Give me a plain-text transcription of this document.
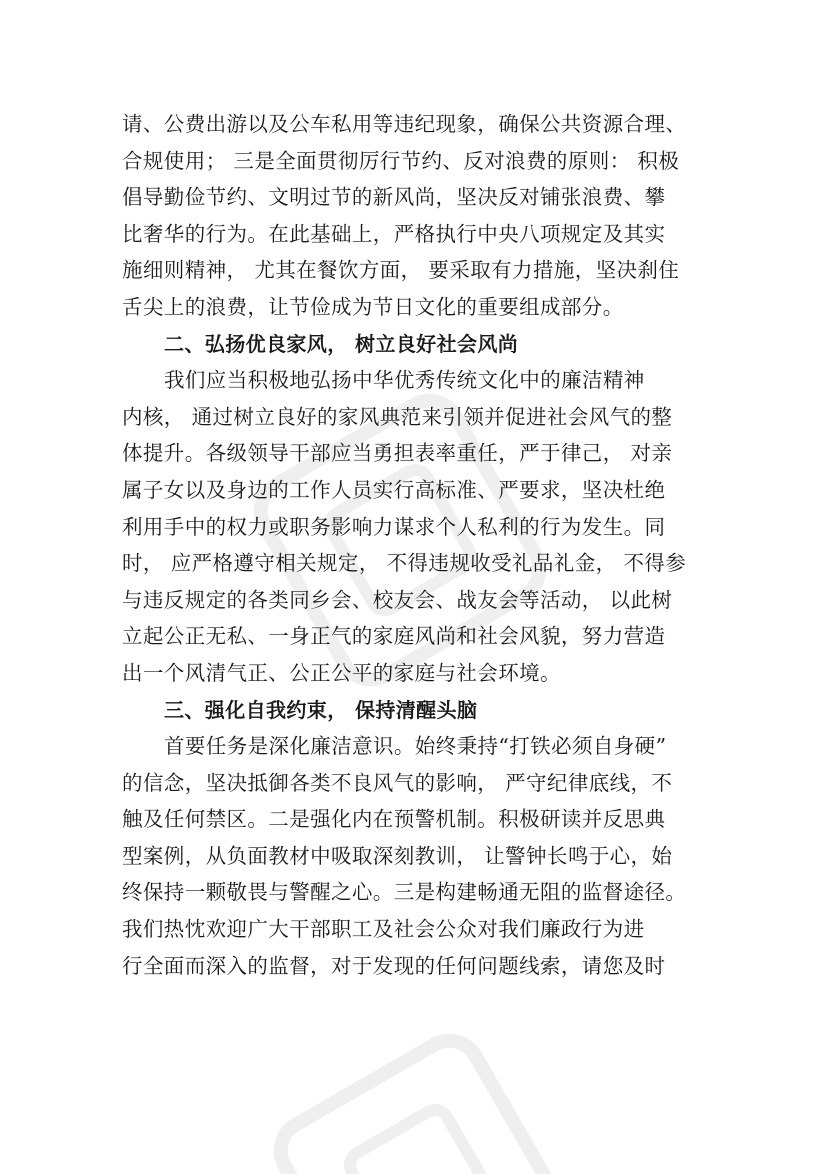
请、公费出游以及公车私用等违纪现象，确保公共资源合理、
合规使用； 三是全面贯彻厉行节约、反对浪费的原则： 积极
倡导勤俭节约、文明过节的新风尚，坚决反对铺张浪费、攀
比奢华的行为。在此基础上，严格执行中央八项规定及其实
施细则精神， 尤其在餐饮方面， 要采取有力措施，坚决刹住
舌尖上的浪费，让节俭成为节日文化的重要组成部分。
二、弘扬优良家风， 树立良好社会风尚
我们应当积极地弘扬中华优秀传统文化中的廉洁精神
内核， 通过树立良好的家风典范来引领并促进社会风气的整
体提升。各级领导干部应当勇担表率重任，严于律己， 对亲
属子女以及身边的工作人员实行高标准、严要求，坚决杜绝
利用手中的权力或职务影响力谋求个人私利的行为发生。同
时， 应严格遵守相关规定， 不得违规收受礼品礼金， 不得参
与违反规定的各类同乡会、校友会、战友会等活动， 以此树
立起公正无私、一身正气的家庭风尚和社会风貌，努力营造
出一个风清气正、公正公平的家庭与社会环境。
三、强化自我约束， 保持清醒头脑
首要任务是深化廉洁意识。始终秉持“打铁必须自身硬”
的信念，坚决抵御各类不良风气的影响， 严守纪律底线，不
触及任何禁区。二是强化内在预警机制。积极研读并反思典
型案例，从负面教材中吸取深刻教训， 让警钟长鸣于心，始
终保持一颗敬畏与警醒之心。三是构建畅通无阻的监督途径。
我们热忱欢迎广大干部职工及社会公众对我们廉政行为进
行全面而深入的监督，对于发现的任何问题线索，请您及时
